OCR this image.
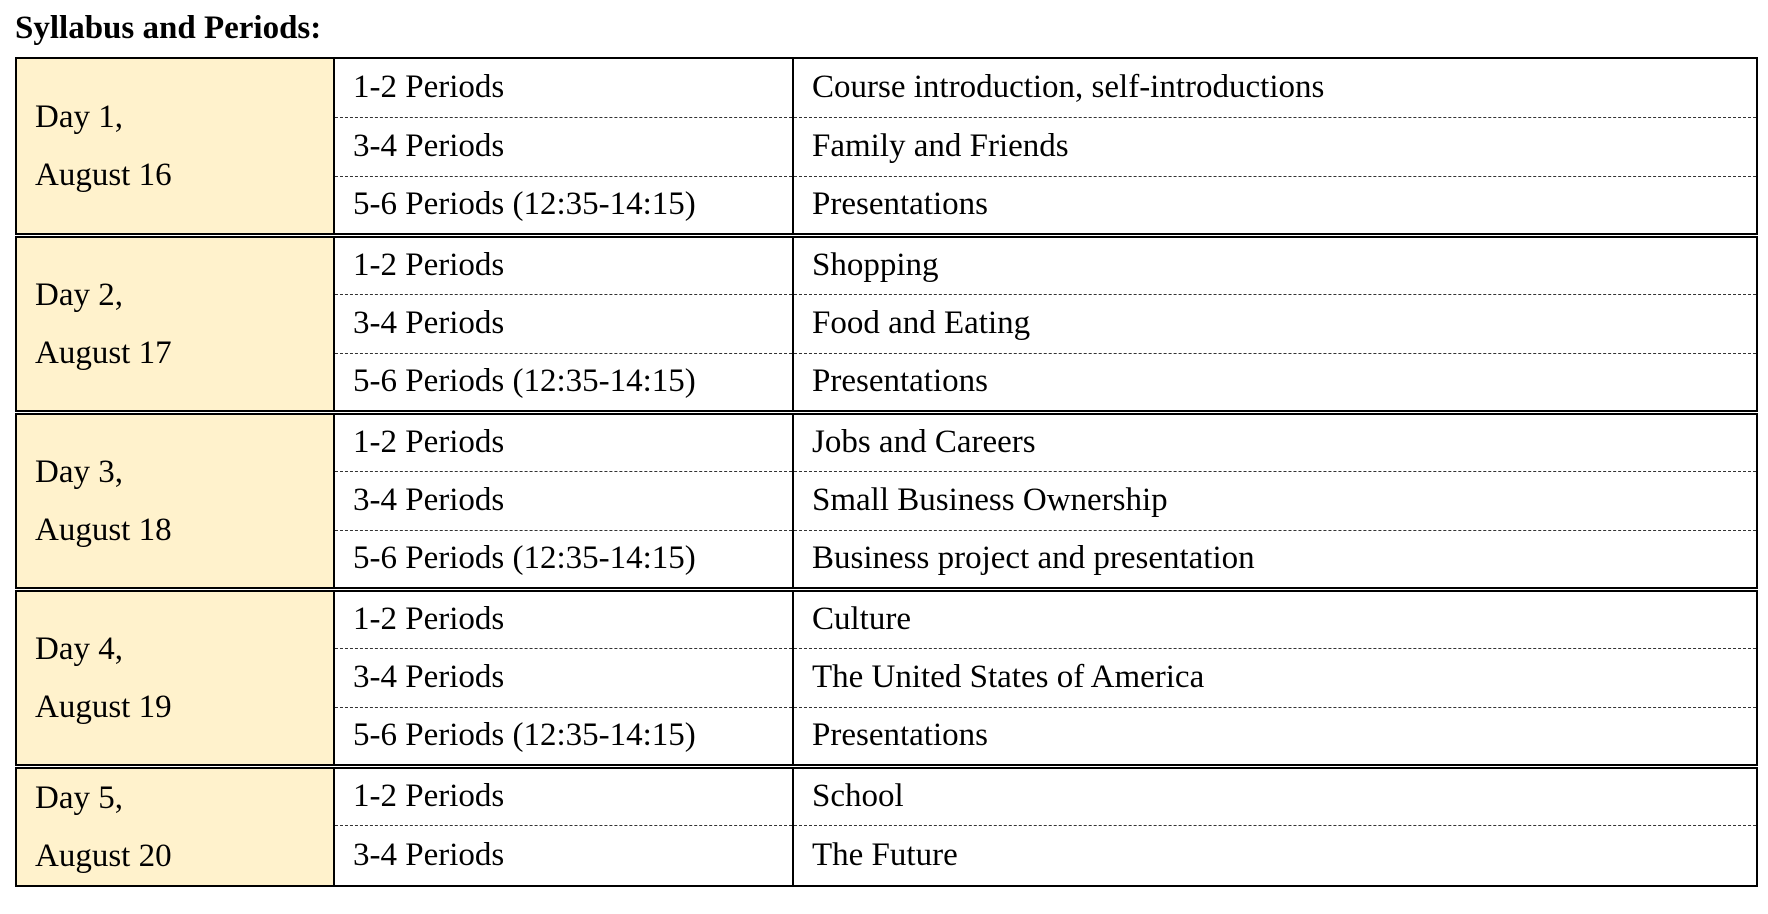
Syllabus and Periods:
Day 1,
August 16	1-2 Periods	Course introduction, self-introductions
	3-4 Periods	Family and Friends
	5-6 Periods (12:35-14:15)	Presentations

Day 2,
August 17	1-2 Periods	Shopping
	3-4 Periods	Food and Eating
	5-6 Periods (12:35-14:15)	Presentations

Day 3,
August 18	1-2 Periods	Jobs and Careers
	3-4 Periods	Small Business Ownership
	5-6 Periods (12:35-14:15)	Business project and presentation

Day 4,
August 19	1-2 Periods	Culture
	3-4 Periods	The United States of America
	5-6 Periods (12:35-14:15)	Presentations

Day 5,
August 20	1-2 Periods	School
	3-4 Periods	The Future
